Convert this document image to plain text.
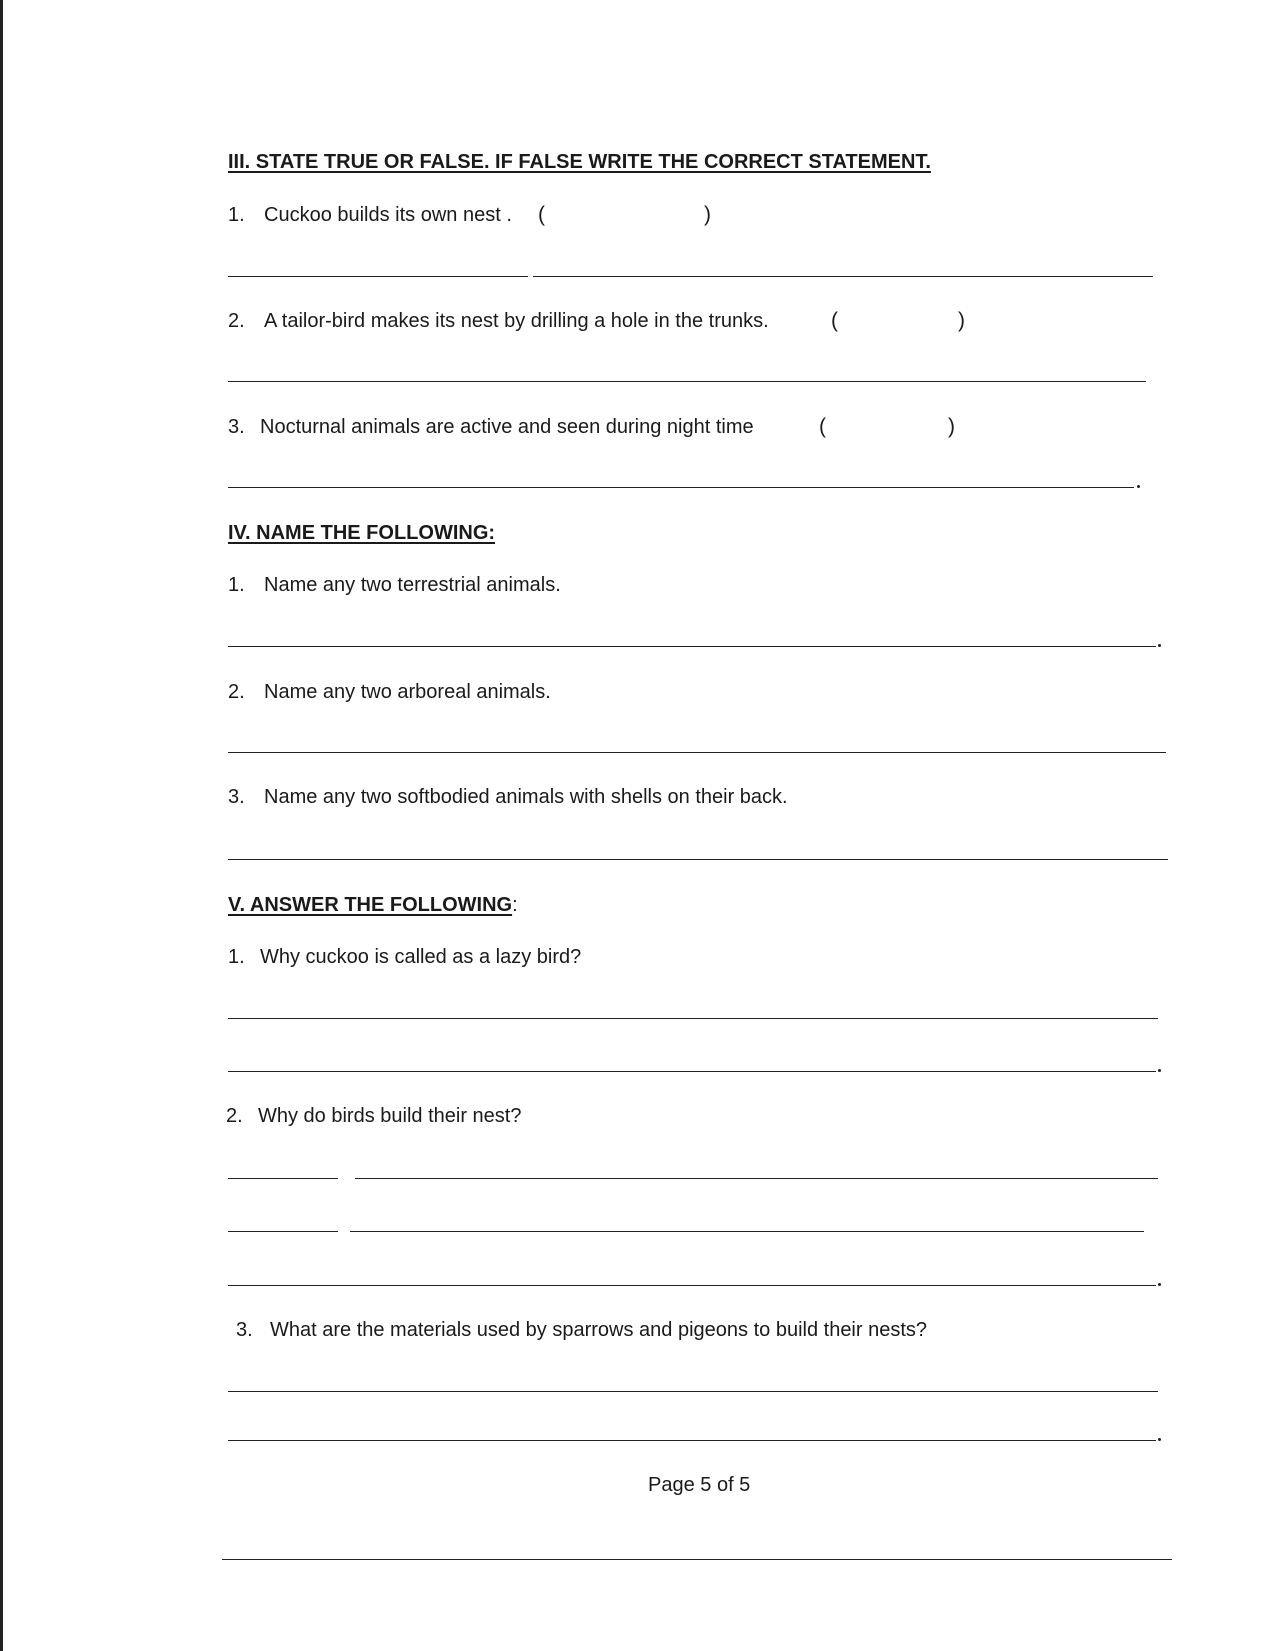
III. STATE TRUE OR FALSE. IF FALSE WRITE THE CORRECT STATEMENT.
1. Cuckoo builds its own nest . (	)
2. A tailor-bird makes its nest by drilling a hole in the trunks.	(	)
3. Nocturnal animals are active and seen during night time	(	)
IV. NAME THE FOLLOWING:
1. Name any two terrestrial animals.
2. Name any two arboreal animals.
3. Name any two softbodied animals with shells on their back.
V. ANSWER THE FOLLOWING:
1. Why cuckoo is called as a lazy bird?
2. Why do birds build their nest?
3. What are the materials used by sparrows and pigeons to build their nests?
Page 5 of 5
